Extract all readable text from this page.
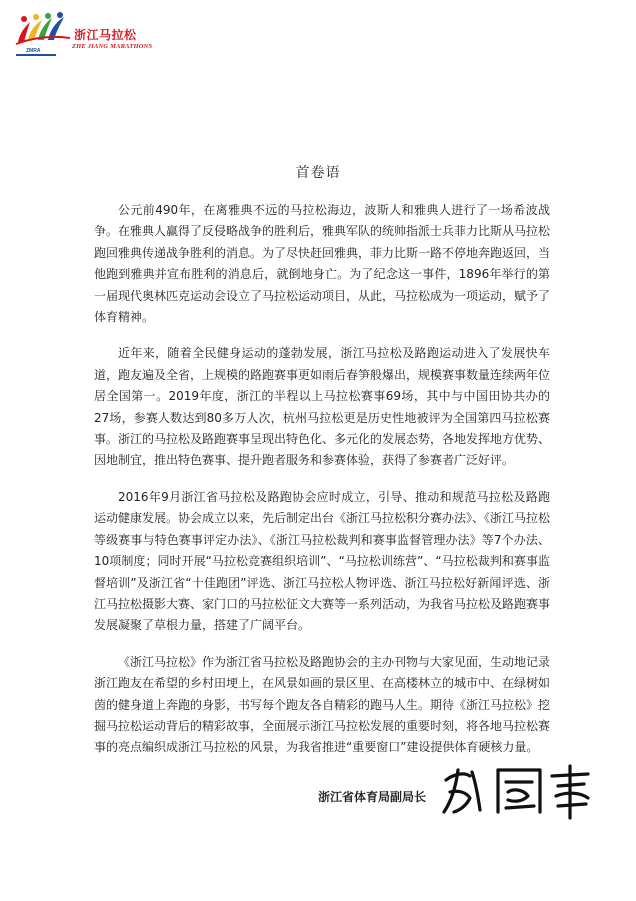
ZMRA
浙江马拉松
ZHE JIANG MARATHONS
首卷语

公元前490年，在离雅典不远的马拉松海边，波斯人和雅典人进行了一场希波战争。在雅典人赢得了反侵略战争的胜利后，雅典军队的统帅指派士兵菲力比斯从马拉松跑回雅典传递战争胜利的消息。为了尽快赶回雅典，菲力比斯一路不停地奔跑返回，当他跑到雅典并宣布胜利的消息后，就倒地身亡。为了纪念这一事件，1896年举行的第一届现代奥林匹克运动会设立了马拉松运动项目，从此，马拉松成为一项运动，赋予了体育精神。

近年来，随着全民健身运动的蓬勃发展，浙江马拉松及路跑运动进入了发展快车道，跑友遍及全省，上规模的路跑赛事更如雨后春笋般爆出，规模赛事数量连续两年位居全国第一。2019年度，浙江的半程以上马拉松赛事69场，其中与中国田协共办的27场，参赛人数达到80多万人次，杭州马拉松更是历史性地被评为全国第四马拉松赛事。浙江的马拉松及路跑赛事呈现出特色化、多元化的发展态势，各地发挥地方优势、因地制宜，推出特色赛事、提升跑者服务和参赛体验，获得了参赛者广泛好评。

2016年9月浙江省马拉松及路跑协会应时成立，引导、推动和规范马拉松及路跑运动健康发展。协会成立以来，先后制定出台《浙江马拉松积分赛办法》、《浙江马拉松等级赛事与特色赛事评定办法》、《浙江马拉松裁判和赛事监督管理办法》等7个办法、10项制度；同时开展“马拉松竞赛组织培训”、“马拉松训练营”、“马拉松裁判和赛事监督培训”及浙江省“十佳跑团”评选、浙江马拉松人物评选、浙江马拉松好新闻评选、浙江马拉松摄影大赛、家门口的马拉松征文大赛等一系列活动，为我省马拉松及路跑赛事发展凝聚了草根力量，搭建了广阔平台。

《浙江马拉松》作为浙江省马拉松及路跑协会的主办刊物与大家见面，生动地记录浙江跑友在希望的乡村田埂上，在风景如画的景区里、在高楼林立的城市中、在绿树如茵的健身道上奔跑的身影，书写每个跑友各自精彩的跑马人生。期待《浙江马拉松》挖掘马拉松运动背后的精彩故事，全面展示浙江马拉松发展的重要时刻，将各地马拉松赛事的亮点编织成浙江马拉松的风景，为我省推进“重要窗口”建设提供体育硬核力量。

浙江省体育局副局长
